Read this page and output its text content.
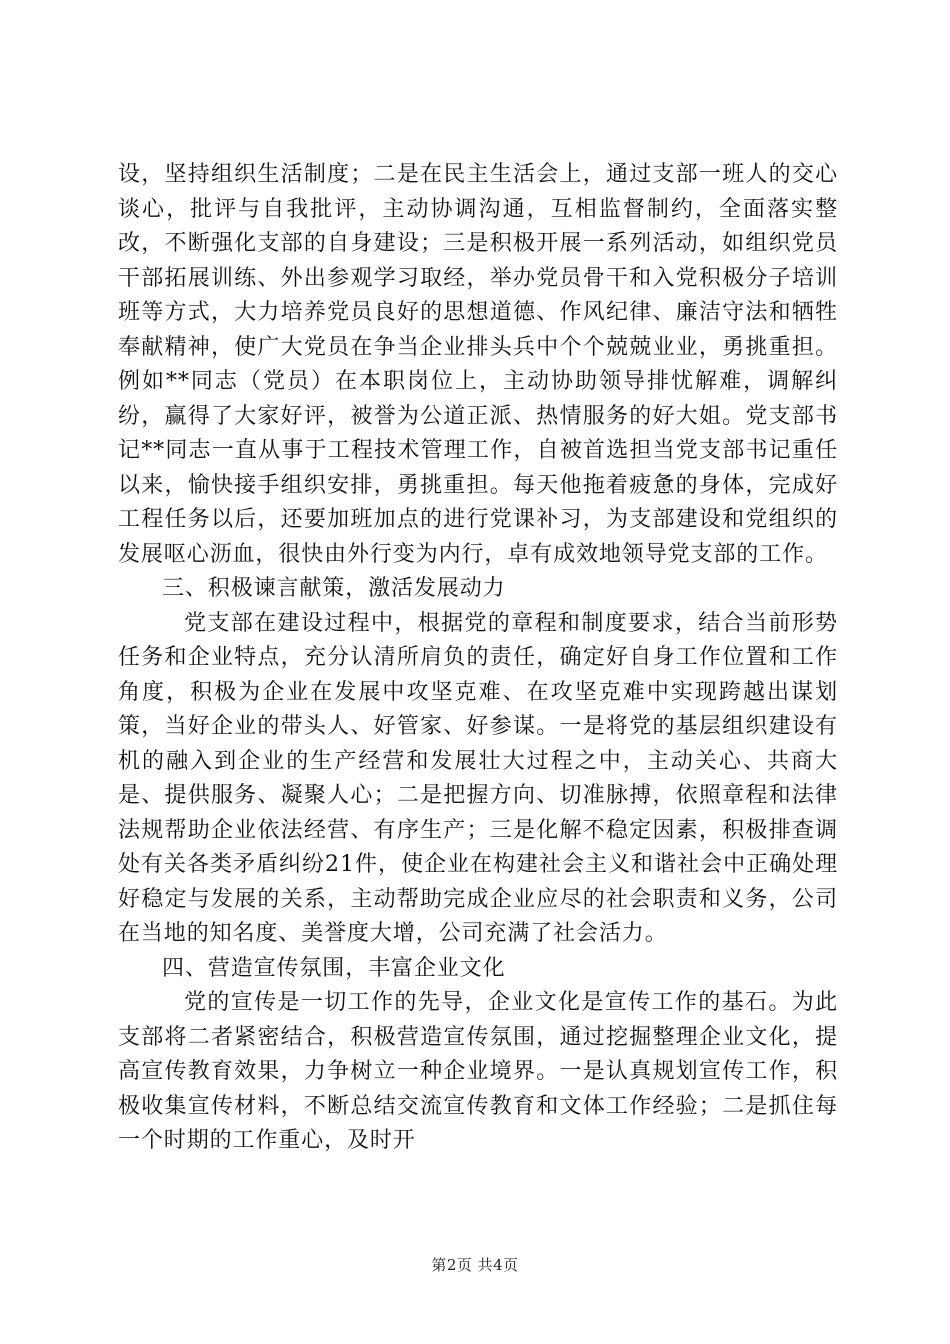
设，坚持组织生活制度；二是在民主生活会上，通过支部一班人的交心谈心，批评与自我批评，主动协调沟通，互相监督制约，全面落实整改，不断强化支部的自身建设；三是积极开展一系列活动，如组织党员干部拓展训练、外出参观学习取经，举办党员骨干和入党积极分子培训班等方式，大力培养党员良好的思想道德、作风纪律、廉洁守法和牺牲奉献精神，使广大党员在争当企业排头兵中个个兢兢业业，勇挑重担。例如**同志（党员）在本职岗位上，主动协助领导排忧解难，调解纠纷，赢得了大家好评，被誉为公道正派、热情服务的好大姐。党支部书记**同志一直从事于工程技术管理工作，自被首选担当党支部书记重任以来，愉快接手组织安排，勇挑重担。每天他拖着疲惫的身体，完成好工程任务以后，还要加班加点的进行党课补习，为支部建设和党组织的发展呕心沥血，很快由外行变为内行，卓有成效地领导党支部的工作。

三、积极谏言献策，激活发展动力

党支部在建设过程中，根据党的章程和制度要求，结合当前形势任务和企业特点，充分认清所肩负的责任，确定好自身工作位置和工作角度，积极为企业在发展中攻坚克难、在攻坚克难中实现跨越出谋划策，当好企业的带头人、好管家、好参谋。一是将党的基层组织建设有机的融入到企业的生产经营和发展壮大过程之中，主动关心、共商大是、提供服务、凝聚人心；二是把握方向、切准脉搏，依照章程和法律法规帮助企业依法经营、有序生产；三是化解不稳定因素，积极排查调处有关各类矛盾纠纷21件，使企业在构建社会主义和谐社会中正确处理好稳定与发展的关系，主动帮助完成企业应尽的社会职责和义务，公司在当地的知名度、美誉度大增，公司充满了社会活力。

四、营造宣传氛围，丰富企业文化

党的宣传是一切工作的先导，企业文化是宣传工作的基石。为此支部将二者紧密结合，积极营造宣传氛围，通过挖掘整理企业文化，提高宣传教育效果，力争树立一种企业境界。一是认真规划宣传工作，积极收集宣传材料，不断总结交流宣传教育和文体工作经验；二是抓住每一个时期的工作重心，及时开

第2页 共4页
